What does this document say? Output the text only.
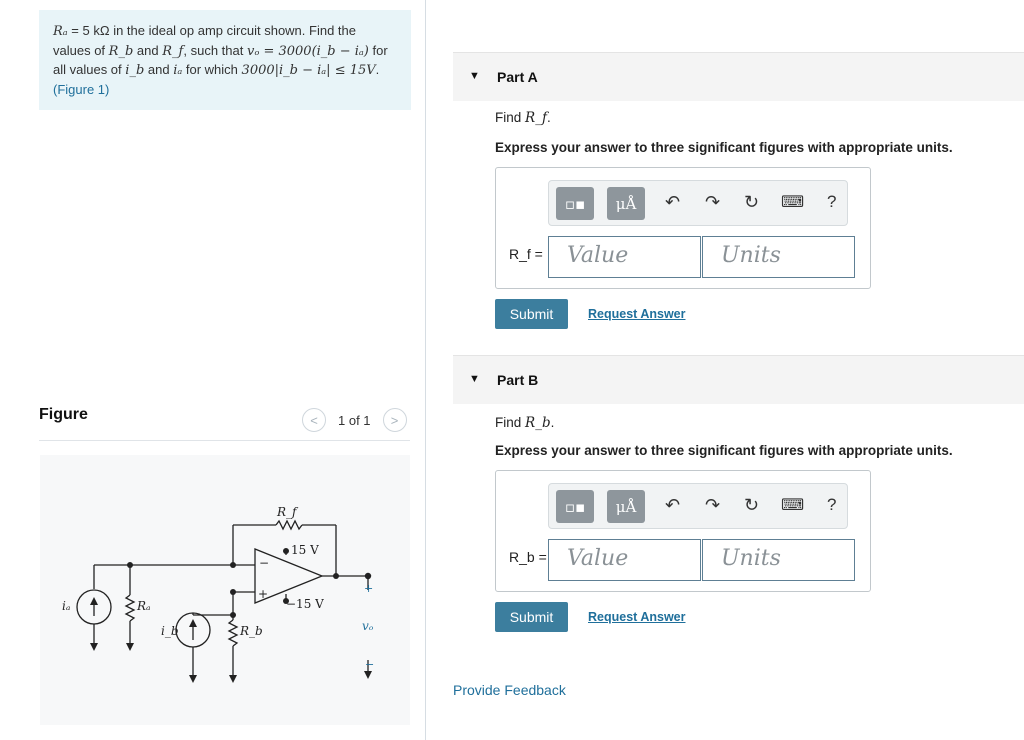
Rₐ = 5 kΩ in the ideal op amp circuit shown. Find the
values of R_b and R_f, such that vₒ = 3000(i_b − iₐ) for
all values of i_b and iₐ for which 3000|i_b − iₐ| ≤ 15V.
(Figure 1)
Figure	< 1 of 1 >
R_f
15 V
−15 V
iₐ	Rₐ
i_b	R_b	vₒ
+
−
+
−
▼ Part A
Find R_f.
Express your answer to three significant figures with appropriate units.
▫▪ μÅ ↶ ↷ ↻ ⌨ ?
R_f =	Value	Units
Submit	Request Answer
▼ Part B
Find R_b.
Express your answer to three significant figures with appropriate units.
▫▪ μÅ ↶ ↷ ↻ ⌨ ?
R_b = Value	Units
Submit	Request Answer
Provide Feedback
